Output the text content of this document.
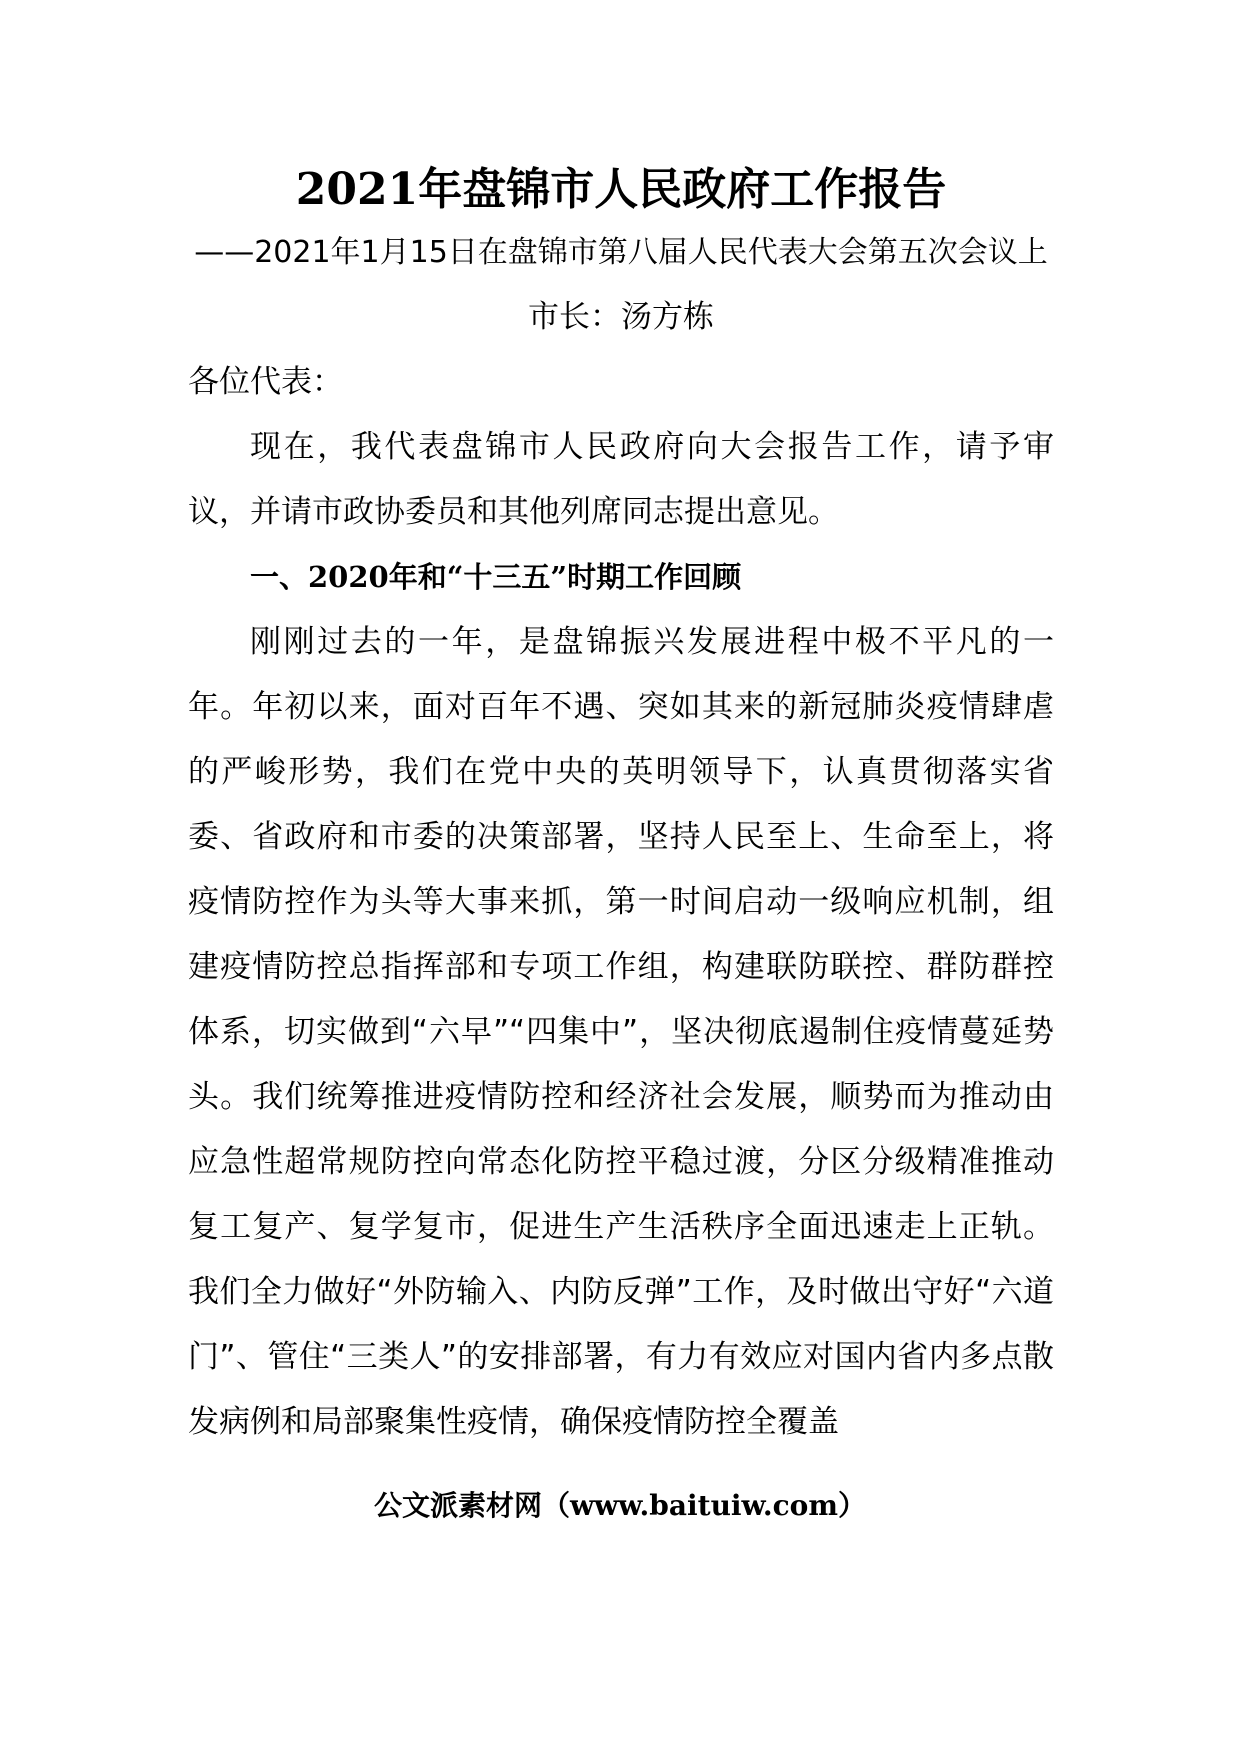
2021年盘锦市人民政府工作报告

——2021年1月15日在盘锦市第八届人民代表大会第五次会议上

市长：汤方栋

各位代表：

现在，我代表盘锦市人民政府向大会报告工作，请予审议，并请市政协委员和其他列席同志提出意见。

一、2020年和“十三五”时期工作回顾

刚刚过去的一年，是盘锦振兴发展进程中极不平凡的一年。年初以来，面对百年不遇、突如其来的新冠肺炎疫情肆虐的严峻形势，我们在党中央的英明领导下，认真贯彻落实省委、省政府和市委的决策部署，坚持人民至上、生命至上，将疫情防控作为头等大事来抓，第一时间启动一级响应机制，组建疫情防控总指挥部和专项工作组，构建联防联控、群防群控体系，切实做到“六早”“四集中”，坚决彻底遏制住疫情蔓延势头。我们统筹推进疫情防控和经济社会发展，顺势而为推动由应急性超常规防控向常态化防控平稳过渡，分区分级精准推动复工复产、复学复市，促进生产生活秩序全面迅速走上正轨。我们全力做好“外防输入、内防反弹”工作，及时做出守好“六道门”、管住“三类人”的安排部署，有力有效应对国内省内多点散发病例和局部聚集性疫情，确保疫情防控全覆盖

公文派素材网（www.baituiw.com）
